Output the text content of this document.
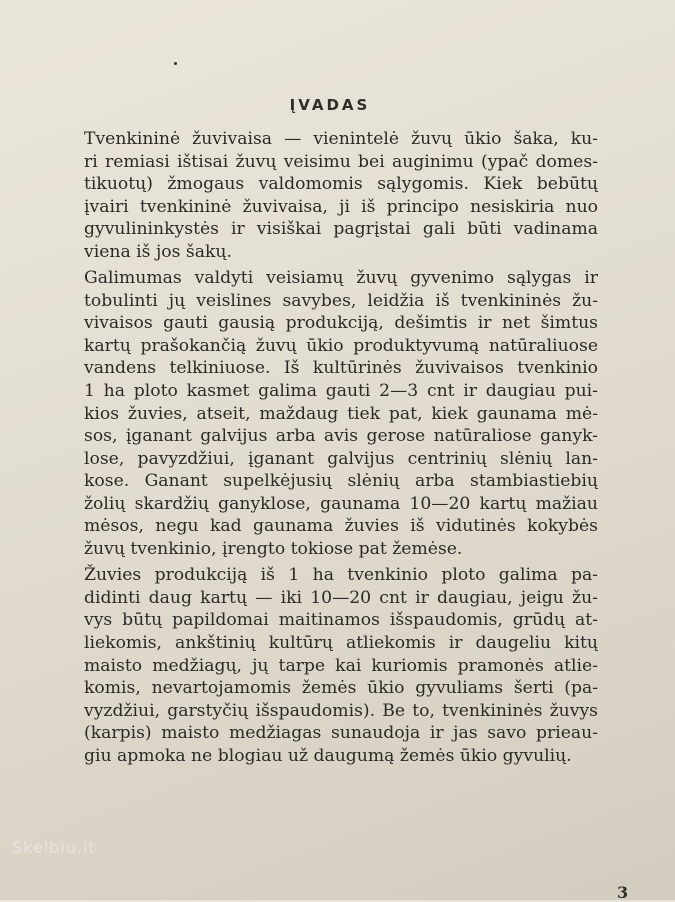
ĮVADAS

Tvenkininė žuvivaisa — vienintelė žuvų ūkio šaka, ku-
ri remiasi ištisai žuvų veisimu bei auginimu (ypač domes-
tikuotų) žmogaus valdomomis sąlygomis. Kiek bebūtų
įvairi tvenkininė žuvivaisa, ji iš principo nesiskiria nuo
gyvulininkystės ir visiškai pagrįstai gali būti vadinama
viena iš jos šakų.

Galimumas valdyti veisiamų žuvų gyvenimo sąlygas ir
tobulinti jų veislines savybes, leidžia iš tvenkininės žu-
vivaisos gauti gausią produkciją, dešimtis ir net šimtus
kartų prašokančią žuvų ūkio produktyvumą natūraliuose
vandens telkiniuose. Iš kultūrinės žuvivaisos tvenkinio
1 ha ploto kasmet galima gauti 2—3 cnt ir daugiau pui-
kios žuvies, atseit, maždaug tiek pat, kiek gaunama mė-
sos, įganant galvijus arba avis gerose natūraliose ganyk-
lose, pavyzdžiui, įganant galvijus centrinių slėnių lan-
kose. Ganant supelkėjusių slėnių arba stambiastiebių
žolių skardžių ganyklose, gaunama 10—20 kartų mažiau
mėsos, negu kad gaunama žuvies iš vidutinės kokybės
žuvų tvenkinio, įrengto tokiose pat žemėse.

Žuvies produkciją iš 1 ha tvenkinio ploto galima pa-
didinti daug kartų — iki 10—20 cnt ir daugiau, jeigu žu-
vys būtų papildomai maitinamos išspaudomis, grūdų at-
liekomis, ankštinių kultūrų atliekomis ir daugeliu kitų
maisto medžiagų, jų tarpe kai kuriomis pramonės atlie-
komis, nevartojamomis žemės ūkio gyvuliams šerti (pa-
vyzdžiui, garstyčių išspaudomis). Be to, tvenkininės žuvys
(karpis) maisto medžiagas sunaudoja ir jas savo prieau-
giu apmoka ne blogiau už daugumą žemės ūkio gyvulių.

Skelbiu.lt
3
